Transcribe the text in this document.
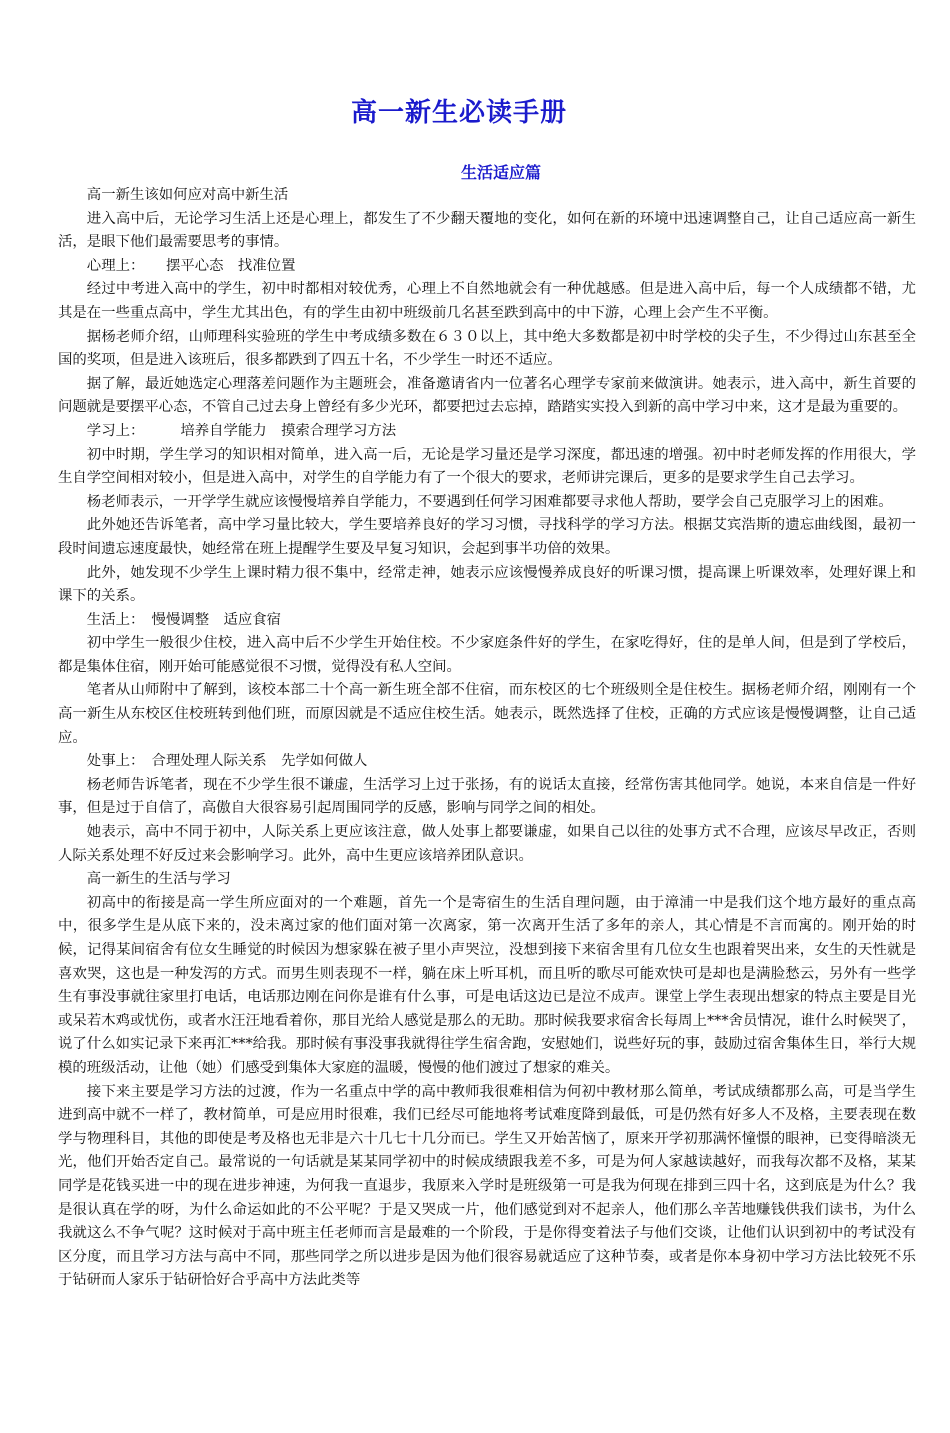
高一新生必读手册
生活适应篇

高一新生该如何应对高中新生活

进入高中后，无论学习生活上还是心理上，都发生了不少翻天覆地的变化，如何在新的环境中迅速调整自己，让自己适应高一新生活，是眼下他们最需要思考的事情。

心理上：　　摆平心态　找准位置

经过中考进入高中的学生，初中时都相对较优秀，心理上不自然地就会有一种优越感。但是进入高中后，每一个人成绩都不错，尤其是在一些重点高中，学生尤其出色，有的学生由初中班级前几名甚至跌到高中的中下游，心理上会产生不平衡。

据杨老师介绍，山师理科实验班的学生中考成绩多数在６３０以上，其中绝大多数都是初中时学校的尖子生，不少得过山东甚至全国的奖项，但是进入该班后，很多都跌到了四五十名，不少学生一时还不适应。

据了解，最近她选定心理落差问题作为主题班会，准备邀请省内一位著名心理学专家前来做演讲。她表示，进入高中，新生首要的问题就是要摆平心态，不管自己过去身上曾经有多少光环，都要把过去忘掉，踏踏实实投入到新的高中学习中来，这才是最为重要的。

学习上：　　　培养自学能力　摸索合理学习方法

初中时期，学生学习的知识相对简单，进入高一后，无论是学习量还是学习深度，都迅速的增强。初中时老师发挥的作用很大，学生自学空间相对较小，但是进入高中，对学生的自学能力有了一个很大的要求，老师讲完课后，更多的是要求学生自己去学习。

杨老师表示，一开学学生就应该慢慢培养自学能力，不要遇到任何学习困难都要寻求他人帮助，要学会自己克服学习上的困难。

此外她还告诉笔者，高中学习量比较大，学生要培养良好的学习习惯，寻找科学的学习方法。根据艾宾浩斯的遗忘曲线图，最初一段时间遗忘速度最快，她经常在班上提醒学生要及早复习知识，会起到事半功倍的效果。

此外，她发现不少学生上课时精力很不集中，经常走神，她表示应该慢慢养成良好的听课习惯，提高课上听课效率，处理好课上和课下的关系。

生活上：　慢慢调整　适应食宿

初中学生一般很少住校，进入高中后不少学生开始住校。不少家庭条件好的学生，在家吃得好，住的是单人间，但是到了学校后，都是集体住宿，刚开始可能感觉很不习惯，觉得没有私人空间。

笔者从山师附中了解到，该校本部二十个高一新生班全部不住宿，而东校区的七个班级则全是住校生。据杨老师介绍，刚刚有一个高一新生从东校区住校班转到他们班，而原因就是不适应住校生活。她表示，既然选择了住校，正确的方式应该是慢慢调整，让自己适应。

处事上：　合理处理人际关系　先学如何做人

杨老师告诉笔者，现在不少学生很不谦虚，生活学习上过于张扬，有的说话太直接，经常伤害其他同学。她说，本来自信是一件好事，但是过于自信了，高傲自大很容易引起周围同学的反感，影响与同学之间的相处。

她表示，高中不同于初中，人际关系上更应该注意，做人处事上都要谦虚，如果自己以往的处事方式不合理，应该尽早改正，否则人际关系处理不好反过来会影响学习。此外，高中生更应该培养团队意识。

高一新生的生活与学习

初高中的衔接是高一学生所应面对的一个难题，首先一个是寄宿生的生活自理问题，由于漳浦一中是我们这个地方最好的重点高中，很多学生是从底下来的，没未离过家的他们面对第一次离家，第一次离开生活了多年的亲人，其心情是不言而寓的。刚开始的时候，记得某间宿舍有位女生睡觉的时候因为想家躲在被子里小声哭泣，没想到接下来宿舍里有几位女生也跟着哭出来，女生的天性就是喜欢哭，这也是一种发泻的方式。而男生则表现不一样，躺在床上听耳机，而且听的歌尽可能欢快可是却也是满脸愁云，另外有一些学生有事没事就往家里打电话，电话那边刚在问你是谁有什么事，可是电话这边已是泣不成声。课堂上学生表现出想家的特点主要是目光或呆若木鸡或忧伤，或者水汪汪地看着你，那目光给人感觉是那么的无助。那时候我要求宿舍长每周上***舍员情况，谁什么时候哭了，说了什么如实记录下来再汇***给我。那时候有事没事我就得往学生宿舍跑，安慰她们，说些好玩的事，鼓励过宿舍集体生日，举行大规模的班级活动，让他（她）们感受到集体大家庭的温暖，慢慢的他们渡过了想家的难关。

接下来主要是学习方法的过渡，作为一名重点中学的高中教师我很难相信为何初中教材那么简单，考试成绩都那么高，可是当学生进到高中就不一样了，教材简单，可是应用时很难，我们已经尽可能地将考试难度降到最低，可是仍然有好多人不及格，主要表现在数学与物理科目，其他的即使是考及格也无非是六十几七十几分而已。学生又开始苦恼了，原来开学初那满怀憧憬的眼神，已变得暗淡无光，他们开始否定自己。最常说的一句话就是某某同学初中的时候成绩跟我差不多，可是为何人家越读越好，而我每次都不及格，某某同学是花钱买进一中的现在进步神速，为何我一直退步，我原来入学时是班级第一可是我为何现在排到三四十名，这到底是为什么？我是很认真在学的呀，为什么命运如此的不公平呢？于是又哭成一片，他们感觉到对不起亲人，他们那么辛苦地赚钱供我们读书，为什么我就这么不争气呢？这时候对于高中班主任老师而言是最难的一个阶段，于是你得变着法子与他们交谈，让他们认识到初中的考试没有区分度，而且学习方法与高中不同，那些同学之所以进步是因为他们很容易就适应了这种节奏，或者是你本身初中学习方法比较死不乐于钻研而人家乐于钻研恰好合乎高中方法此类等
